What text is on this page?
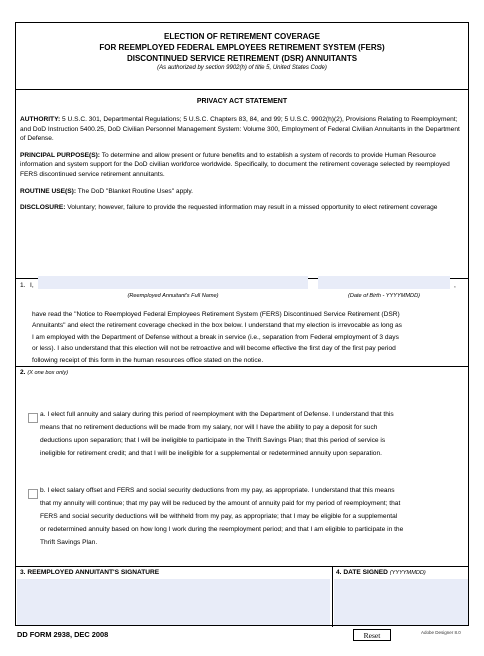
ELECTION OF RETIREMENT COVERAGE
FOR REEMPLOYED FEDERAL EMPLOYEES RETIREMENT SYSTEM (FERS)
DISCONTINUED SERVICE RETIREMENT (DSR) ANNUITANTS
(As authorized by section 9902(h) of title 5, United States Code)
PRIVACY ACT STATEMENT
AUTHORITY: 5 U.S.C. 301, Departmental Regulations; 5 U.S.C. Chapters 83, 84, and 99; 5 U.S.C. 9902(h)(2), Provisions Relating to Reemployment; and DoD Instruction 5400.25, DoD Civilian Personnel Management System: Volume 300, Employment of Federal Civilian Annuitants in the Department of Defense.
PRINCIPAL PURPOSE(S): To determine and allow present or future benefits and to establish a system of records to provide Human Resource information and system support for the DoD civilian workforce worldwide. Specifically, to document the retirement coverage selected by reemployed FERS discontinued service retirement annuitants.
ROUTINE USE(S): The DoD "Blanket Routine Uses" apply.
DISCLOSURE: Voluntary; however, failure to provide the requested information may result in a missed opportunity to elect retirement coverage
1. I,	,
(Reemployed Annuitant's Full Name)	(Date of Birth - YYYYMMDD)
have read the "Notice to Reemployed Federal Employees Retirement System (FERS) Discontinued Service Retirement (DSR)
Annuitants" and elect the retirement coverage checked in the box below. I understand that my election is irrevocable as long as
I am employed with the Department of Defense without a break in service (i.e., separation from Federal employment of 3 days
or less). I also understand that this election will not be retroactive and will become effective the first day of the first pay period
following receipt of this form in the human resources office stated on the notice.
2. (X one box only)
a. I elect full annuity and salary during this period of reemployment with the Department of Defense. I understand that this
means that no retirement deductions will be made from my salary, nor will I have the ability to pay a deposit for such
deductions upon separation; that I will be ineligible to participate in the Thrift Savings Plan; that this period of service is
ineligible for retirement credit; and that I will be ineligible for a supplemental or redetermined annuity upon separation.
b. I elect salary offset and FERS and social security deductions from my pay, as appropriate. I understand that this means
that my annuity will continue; that my pay will be reduced by the amount of annuity paid for my period of reemployment; that
FERS and social security deductions will be withheld from my pay, as appropriate; that I may be eligible for a supplemental
or redetermined annuity based on how long I work during the reemployment period; and that I am eligible to participate in the
Thrift Savings Plan.
3. REEMPLOYED ANNUITANT'S SIGNATURE	4. DATE SIGNED (YYYYMMDD)
DD FORM 2938, DEC 2008	Reset	Adobe Designer 8.0
